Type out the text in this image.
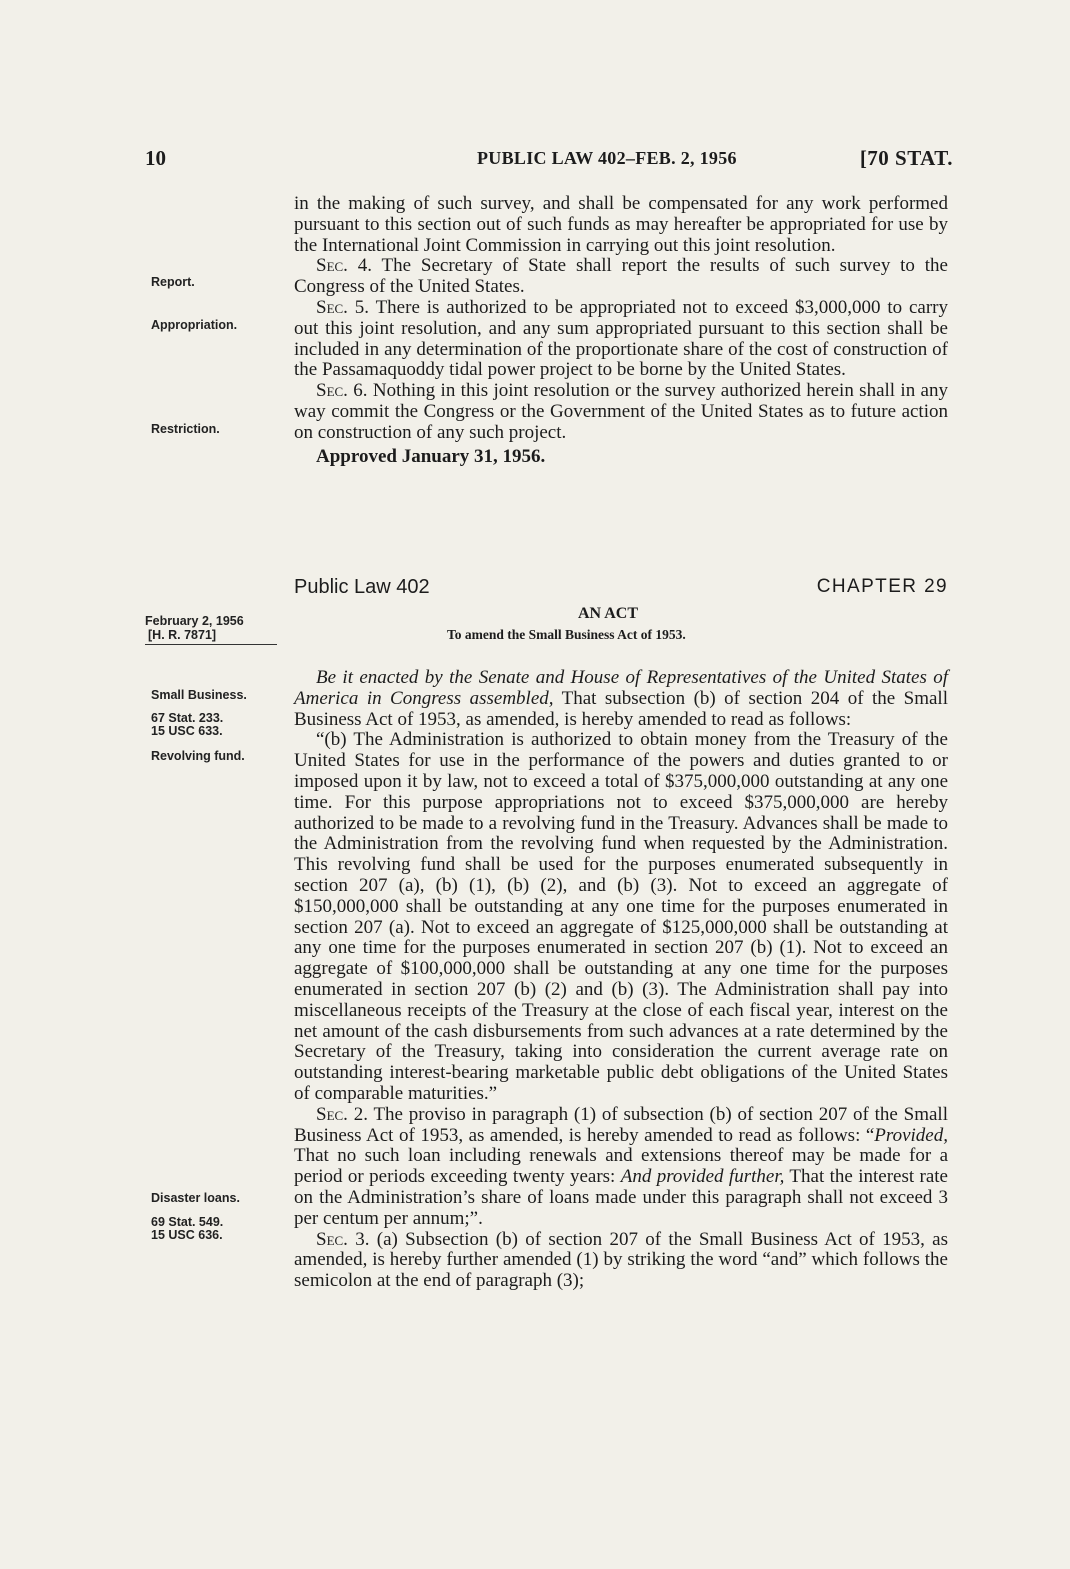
10	PUBLIC LAW 402–FEB. 2, 1956	[70 STAT.
Report.
Appropriation.
Restriction.
February 2, 1956
[H. R. 7871]
Small Business.
67 Stat. 233.
15 USC 633.
Revolving fund.
Disaster loans.
69 Stat. 549.
15 USC 636.

in the making of such survey, and shall be compensated for any work performed pursuant to this section out of such funds as may hereafter be appropriated for use by the International Joint Commission in carrying out this joint resolution.

Sec. 4. The Secretary of State shall report the results of such survey to the Congress of the United States.

Sec. 5. There is authorized to be appropriated not to exceed $3,000,000 to carry out this joint resolution, and any sum appropriated pursuant to this section shall be included in any determination of the proportionate share of the cost of construction of the Passamaquoddy tidal power project to be borne by the United States.

Sec. 6. Nothing in this joint resolution or the survey authorized herein shall in any way commit the Congress or the Government of the United States as to future action on construction of any such project.

Approved January 31, 1956.

Public Law 402	CHAPTER 29
AN ACT
To amend the Small Business Act of 1953.

Be it enacted by the Senate and House of Representatives of the United States of America in Congress assembled, That subsection (b) of section 204 of the Small Business Act of 1953, as amended, is hereby amended to read as follows:

“(b) The Administration is authorized to obtain money from the Treasury of the United States for use in the performance of the powers and duties granted to or imposed upon it by law, not to exceed a total of $375,000,000 outstanding at any one time. For this purpose appropriations not to exceed $375,000,000 are hereby authorized to be made to a revolving fund in the Treasury. Advances shall be made to the Administration from the revolving fund when requested by the Administration. This revolving fund shall be used for the purposes enumerated subsequently in section 207 (a), (b) (1), (b) (2), and (b) (3). Not to exceed an aggregate of $150,000,000 shall be outstanding at any one time for the purposes enumerated in section 207 (a). Not to exceed an aggregate of $125,000,000 shall be outstanding at any one time for the purposes enumerated in section 207 (b) (1). Not to exceed an aggregate of $100,000,000 shall be outstanding at any one time for the purposes enumerated in section 207 (b) (2) and (b) (3). The Administration shall pay into miscellaneous receipts of the Treasury at the close of each fiscal year, interest on the net amount of the cash disbursements from such advances at a rate determined by the Secretary of the Treasury, taking into consideration the current average rate on outstanding interest-bearing marketable public debt obligations of the United States of comparable maturities.”

Sec. 2. The proviso in paragraph (1) of subsection (b) of section 207 of the Small Business Act of 1953, as amended, is hereby amended to read as follows: “Provided, That no such loan including renewals and extensions thereof may be made for a period or periods exceeding twenty years: And provided further, That the interest rate on the Administration’s share of loans made under this paragraph shall not exceed 3 per centum per annum;”.

Sec. 3. (a) Subsection (b) of section 207 of the Small Business Act of 1953, as amended, is hereby further amended (1) by striking the word “and” which follows the semicolon at the end of paragraph (3);
